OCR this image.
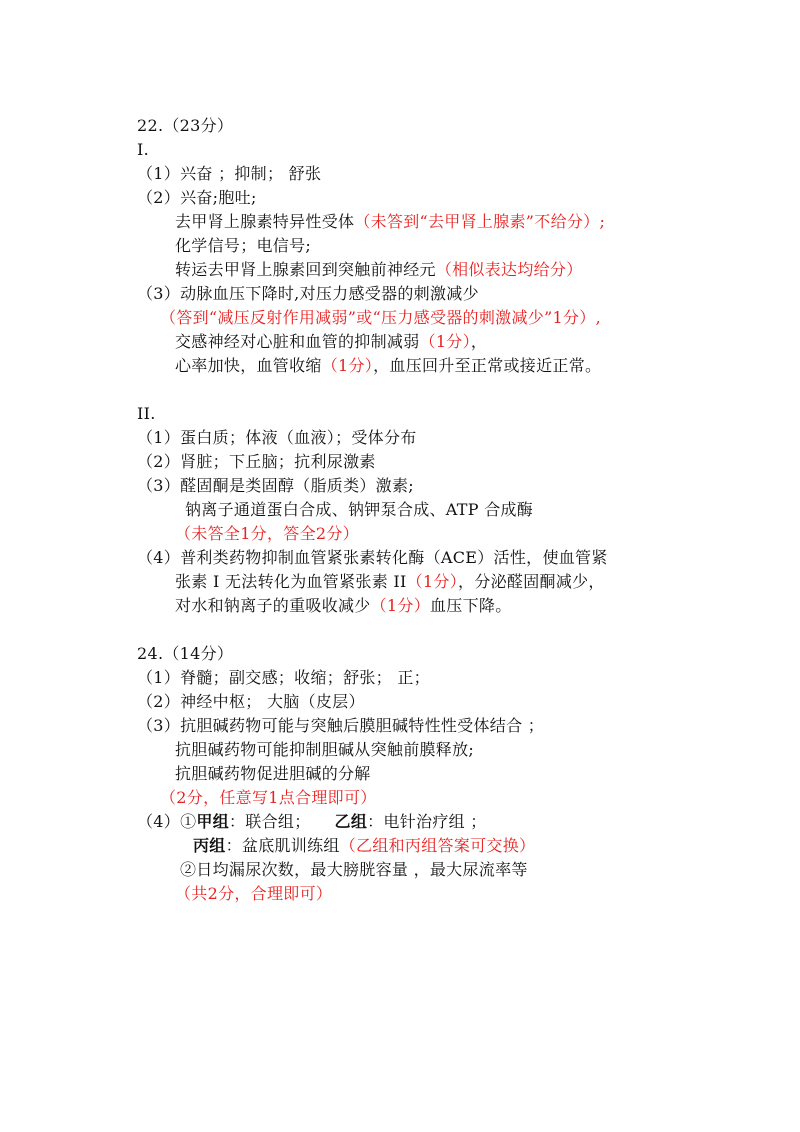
22.（23分）
I.
（1）兴奋 ；抑制； 舒张
（2）兴奋;胞吐;
去甲肾上腺素特异性受体（未答到“去甲肾上腺素”不给分）;
化学信号；电信号;
转运去甲肾上腺素回到突触前神经元（相似表达均给分）
（3）动脉血压下降时,对压力感受器的刺激减少
（答到“减压反射作用减弱”或“压力感受器的刺激减少”1分）,
交感神经对心脏和血管的抑制减弱（1分），
心率加快，血管收缩（1分），血压回升至正常或接近正常。
II.
（1）蛋白质；体液（血液）；受体分布
（2）肾脏；下丘脑；抗利尿激素
（3）醛固酮是类固醇（脂质类）激素;
钠离子通道蛋白合成、钠钾泵合成、ATP 合成酶
（未答全1分，答全2分）
（4）普利类药物抑制血管紧张素转化酶（ACE）活性，使血管紧
张素 I 无法转化为血管紧张素 II（1分），分泌醛固酮减少，
对水和钠离子的重吸收减少（1分）血压下降。
24.（14分）
（1）脊髓；副交感；收缩；舒张； 正；
（2）神经中枢； 大脑（皮层）
（3）抗胆碱药物可能与突触后膜胆碱特性性受体结合 ；
抗胆碱药物可能抑制胆碱从突触前膜释放;
抗胆碱药物促进胆碱的分解
（2分，任意写1点合理即可）
（4）①甲组：联合组； 乙组：电针治疗组 ；
丙组：盆底肌训练组（乙组和丙组答案可交换）
②日均漏尿次数，最大膀胱容量 ，最大尿流率等
（共2分，合理即可）
